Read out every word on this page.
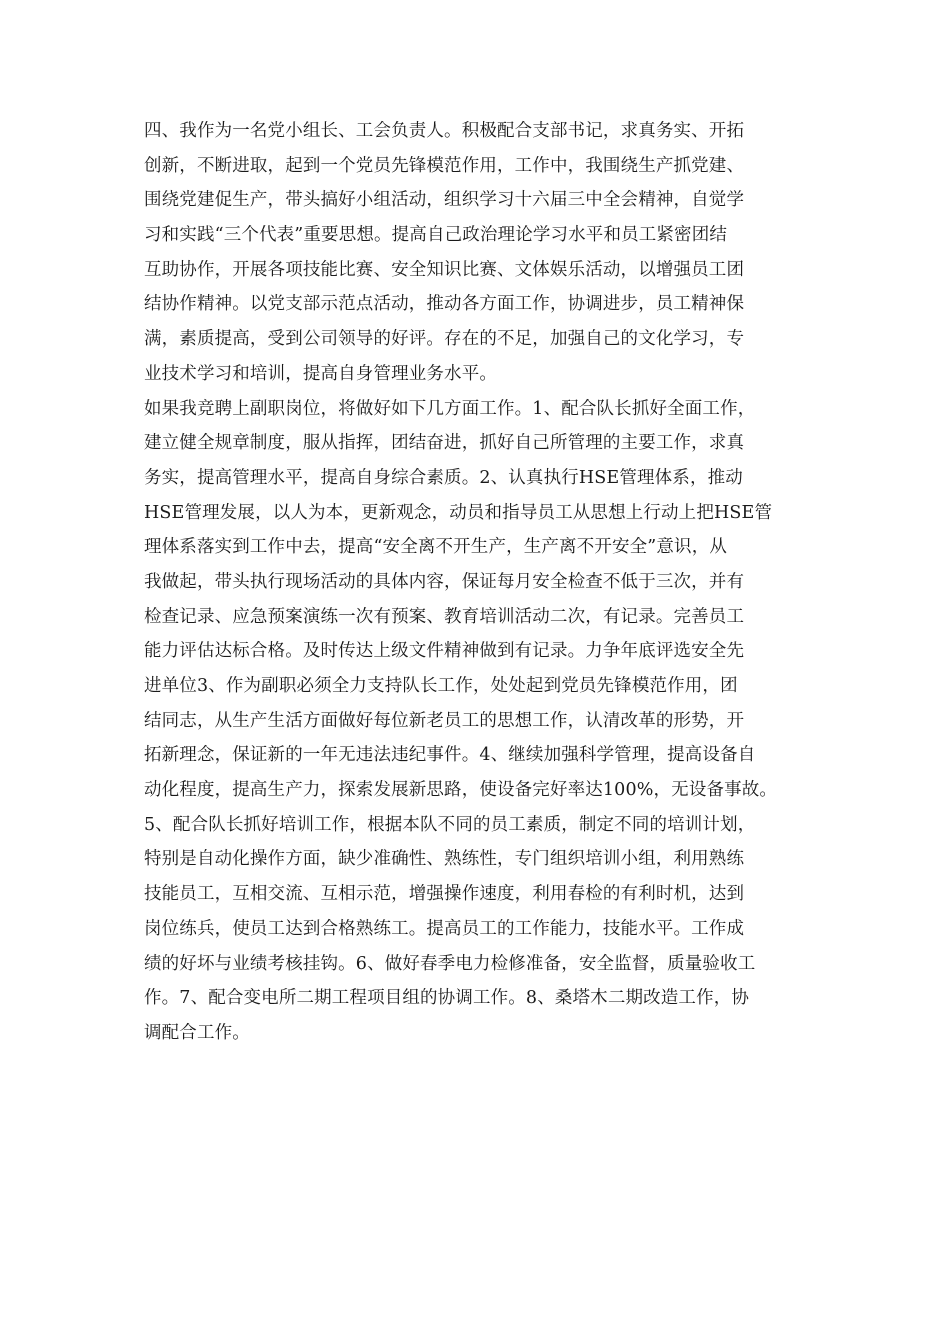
四、我作为一名党小组长、工会负责人。积极配合支部书记，求真务实、开拓
创新，不断进取，起到一个党员先锋模范作用，工作中，我围绕生产抓党建、
围绕党建促生产，带头搞好小组活动，组织学习十六届三中全会精神，自觉学
习和实践“三个代表”重要思想。提高自己政治理论学习水平和员工紧密团结
互助协作，开展各项技能比赛、安全知识比赛、文体娱乐活动，以增强员工团
结协作精神。以党支部示范点活动，推动各方面工作，协调进步，员工精神保
满，素质提高，受到公司领导的好评。存在的不足，加强自己的文化学习，专
业技术学习和培训，提高自身管理业务水平。
如果我竞聘上副职岗位，将做好如下几方面工作。1、配合队长抓好全面工作，
建立健全规章制度，服从指挥，团结奋进，抓好自己所管理的主要工作，求真
务实，提高管理水平，提高自身综合素质。2、认真执行HSE管理体系，推动
HSE管理发展，以人为本，更新观念，动员和指导员工从思想上行动上把HSE管
理体系落实到工作中去，提高“安全离不开生产，生产离不开安全”意识，从
我做起，带头执行现场活动的具体内容，保证每月安全检查不低于三次，并有
检查记录、应急预案演练一次有预案、教育培训活动二次，有记录。完善员工
能力评估达标合格。及时传达上级文件精神做到有记录。力争年底评选安全先
进单位3、作为副职必须全力支持队长工作，处处起到党员先锋模范作用，团
结同志，从生产生活方面做好每位新老员工的思想工作，认清改革的形势，开
拓新理念，保证新的一年无违法违纪事件。4、继续加强科学管理，提高设备自
动化程度，提高生产力，探索发展新思路，使设备完好率达100%，无设备事故。
5、配合队长抓好培训工作，根据本队不同的员工素质，制定不同的培训计划，
特别是自动化操作方面，缺少准确性、熟练性，专门组织培训小组，利用熟练
技能员工，互相交流、互相示范，增强操作速度，利用春检的有利时机，达到
岗位练兵，使员工达到合格熟练工。提高员工的工作能力，技能水平。工作成
绩的好坏与业绩考核挂钩。6、做好春季电力检修准备，安全监督，质量验收工
作。7、配合变电所二期工程项目组的协调工作。8、桑塔木二期改造工作，协
调配合工作。
